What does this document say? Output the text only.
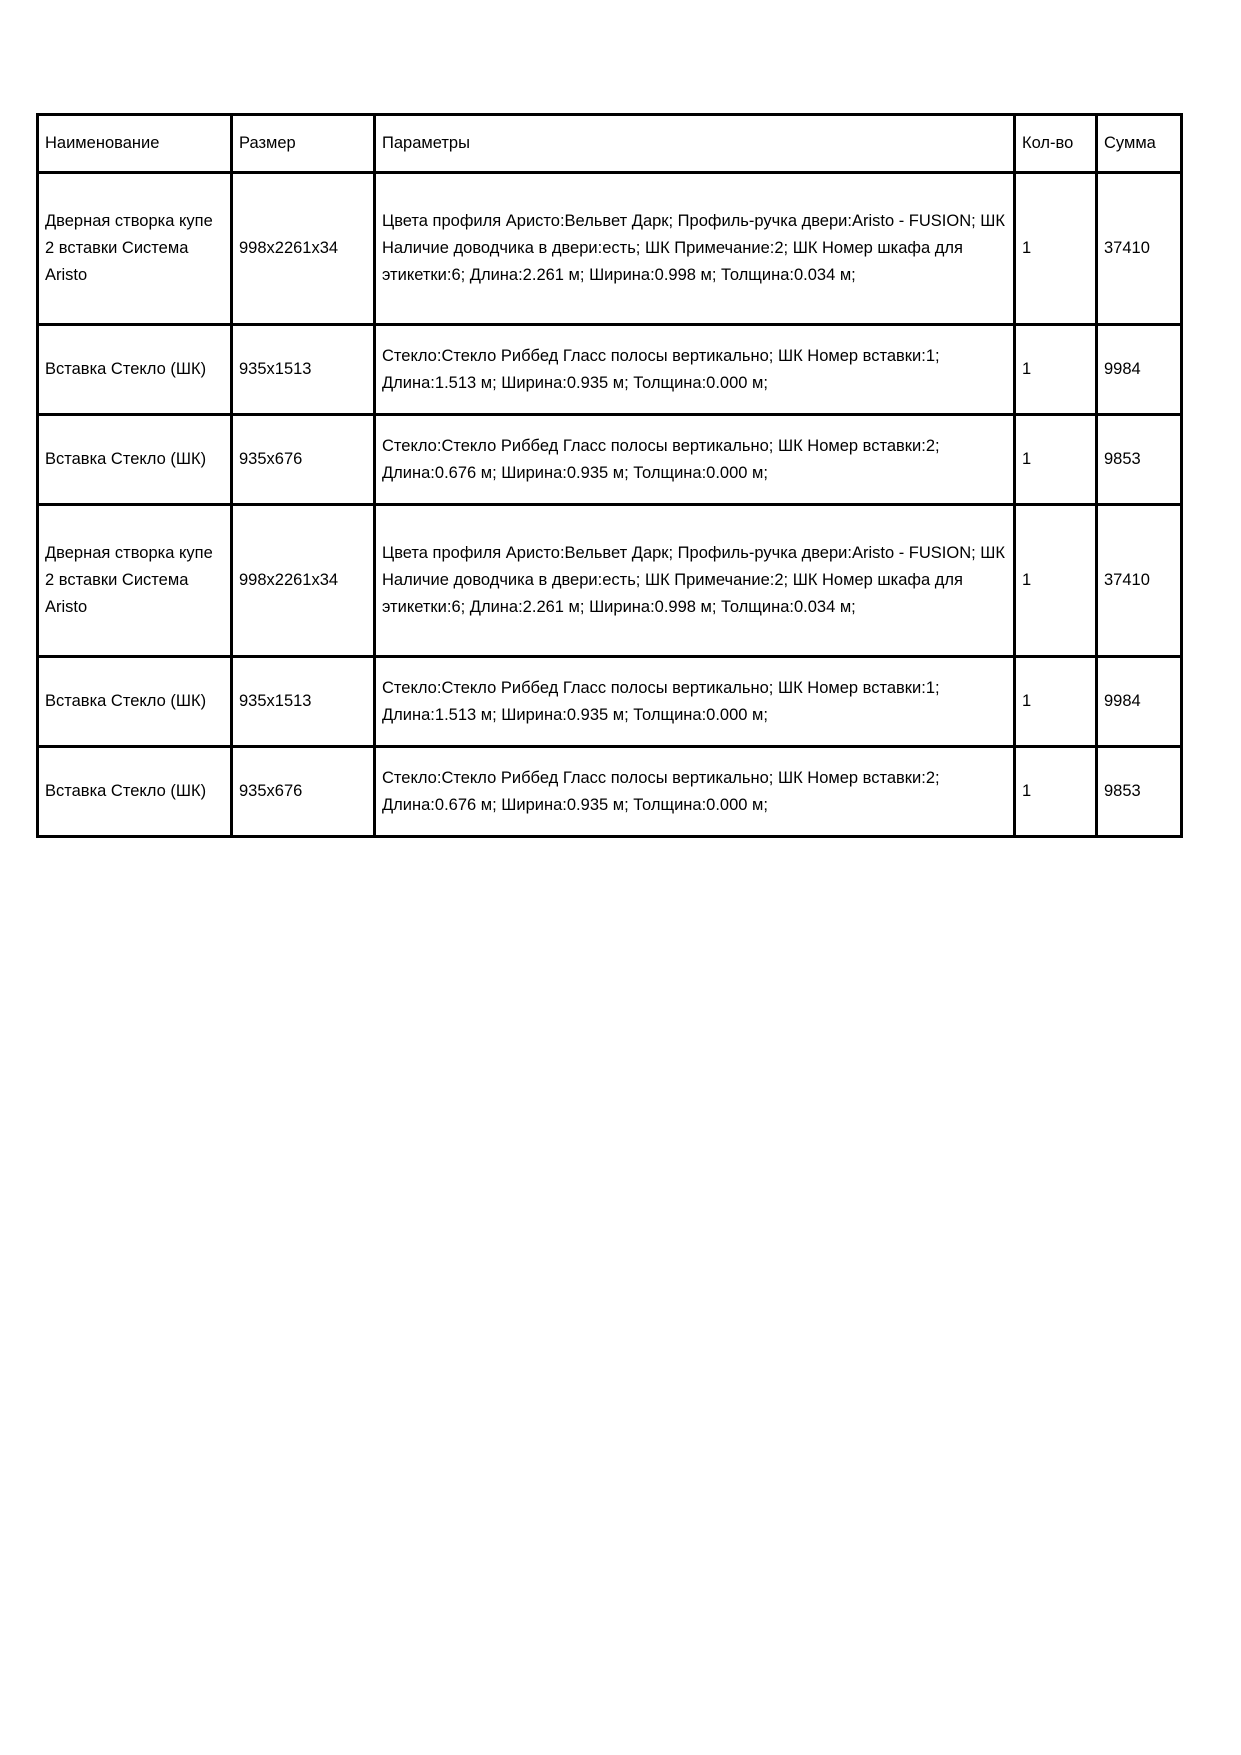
Наименование	Размер	Параметры	Кол-во	Сумма
Дверная створка купе 2 вставки Система Aristo	998x2261x34	Цвета профиля Аристо:Вельвет Дарк; Профиль-ручка двери:Aristo - FUSION; ШК Наличие доводчика в двери:есть; ШК Примечание:2; ШК Номер шкафа для этикетки:6; Длина:2.261 м; Ширина:0.998 м; Толщина:0.034 м;	1	37410
Вставка Стекло (ШК)	935x1513	Стекло:Стекло Риббед Гласс полосы вертикально; ШК Номер вставки:1; Длина:1.513 м; Ширина:0.935 м; Толщина:0.000 м;	1	9984
Вставка Стекло (ШК)	935x676	Стекло:Стекло Риббед Гласс полосы вертикально; ШК Номер вставки:2; Длина:0.676 м; Ширина:0.935 м; Толщина:0.000 м;	1	9853
Дверная створка купе 2 вставки Система Aristo	998x2261x34	Цвета профиля Аристо:Вельвет Дарк; Профиль-ручка двери:Aristo - FUSION; ШК Наличие доводчика в двери:есть; ШК Примечание:2; ШК Номер шкафа для этикетки:6; Длина:2.261 м; Ширина:0.998 м; Толщина:0.034 м;	1	37410
Вставка Стекло (ШК)	935x1513	Стекло:Стекло Риббед Гласс полосы вертикально; ШК Номер вставки:1; Длина:1.513 м; Ширина:0.935 м; Толщина:0.000 м;	1	9984
Вставка Стекло (ШК)	935x676	Стекло:Стекло Риббед Гласс полосы вертикально; ШК Номер вставки:2; Длина:0.676 м; Ширина:0.935 м; Толщина:0.000 м;	1	9853
